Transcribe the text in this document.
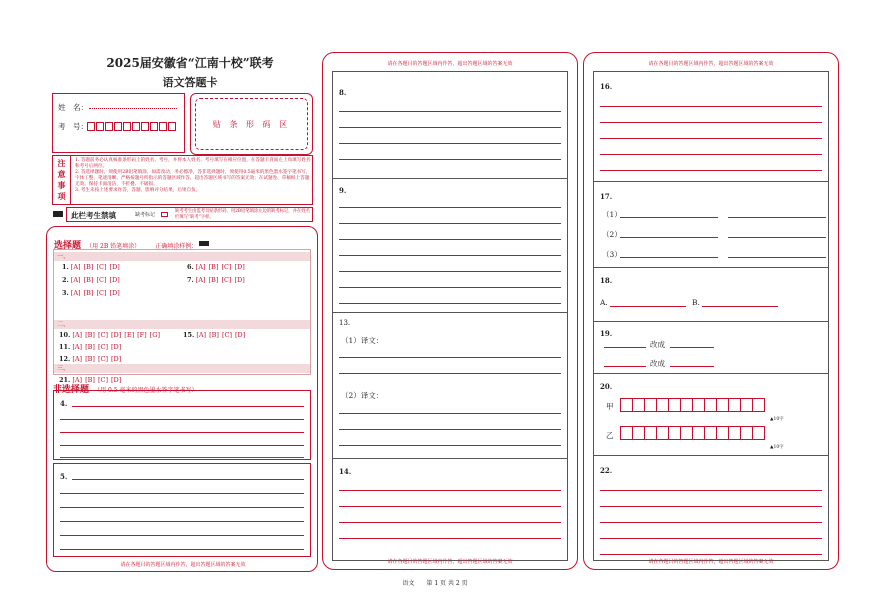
2025届安徽省“江南十校”联考
语文答题卡
姓　名：
考　号：	贴 条 形 码 区
注
意
事
项
1. 答题前务必认真核准条形码上的姓名、考号，并将本人姓名、考号填写在相应位置，在答题卡背面左上角填写姓名和考号后两位。
2. 答选择题时，须使用2B铅笔填涂，如需改动，务必擦净，答非选择题时，须使用0.5毫米的黑色墨水签字笔书写，字体工整、笔迹清晰。严格按题号所指示的答题区域作答，超出答题区域书写的答案无效；在试题卷、草稿纸上答题无效。保持卡面清洁，不折叠、不破损。
3. 考生未按上述要求作答，答题、影响评分结果，后果自负。
此栏考生禁填	缺考标记
缺考考生由监考员贴条形码，用2B铅笔填涂左边的缺考标记，并在姓名栏填写“缺考”字样。
选择题 （用 2B 铅笔填涂）	正确填涂样例：
一、
二、
三、
1. [A] [B] [C] [D]
2. [A] [B] [C] [D]
3. [A] [B] [C] [D]
6. [A] [B] [C] [D]
7. [A] [B] [C] [D]
10. [A] [B] [C] [D] [E] [F] [G]
11. [A] [B] [C] [D]
12. [A] [B] [C] [D]
15. [A] [B] [C] [D]
21. [A] [B] [C] [D]
非选择题 （用 0.5 毫米的黑色墨水签字笔书写）
4.
5.
请在各题目的答题区域内作答，超出答题区域的答案无效
请在各题目的答题区域内作答，超出答题区域的答案无效
8.
9.
13.
（1）译文：
（2）译文：
14.
请在各题目的答题区域内作答，超出答题区域的答案无效
请在各题目的答题区域内作答，超出答题区域的答案无效
16.
17.
（1）
（2）
（3）
18.
A.	B.
19.
改成
改成
20.
甲
▲10字
乙
▲10字
22.
请在各题目的答题区域内作答，超出答题区域的答案无效
语文　　第 1 页 共 2 页
